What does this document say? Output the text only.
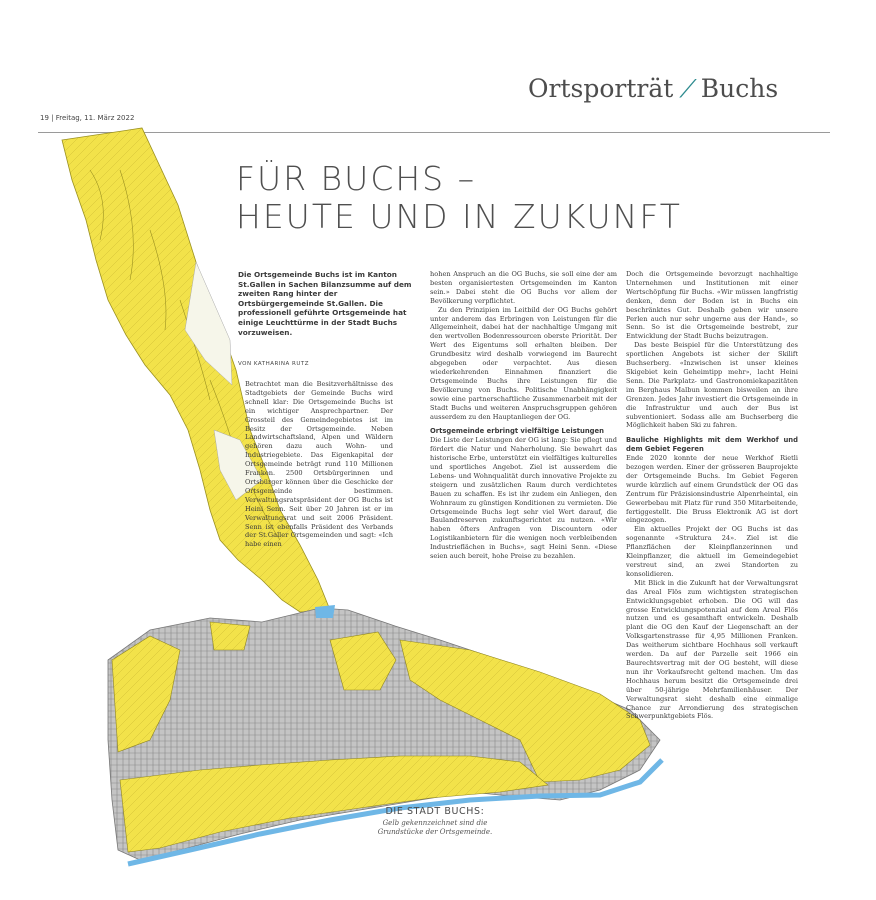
19 | Freitag, 11. März 2022
Ortsporträt ⟋ Buchs
FÜR BUCHS –
HEUTE UND IN ZUKUNFT
Die Ortsgemeinde Buchs ist im Kanton St.Gallen in Sachen Bilanzsumme auf dem zweiten Rang hinter der Ortsbürgergemeinde St.Gallen. Die professionell geführte Ortsgemeinde hat einige Leuchttürme in der Stadt Buchs vorzuweisen.
VON KATHARINA RUTZ

Betrachtet man die Besitzverhältnisse des Stadtgebiets der Gemeinde Buchs wird schnell klar: Die Ortsgemeinde Buchs ist ein wichtiger Ansprechpartner. Der Grossteil des Gemeindegebietes ist im Besitz der Ortsgemeinde. Neben Landwirtschaftsland, Alpen und Wäldern gehören dazu auch Wohn- und Industriegebiete. Das Eigenkapital der Ortsgemeinde beträgt rund 110 Millionen Franken. 2500 Ortsbürgerinnen und Ortsbürger können über die Geschicke der Ortsgemeinde bestimmen. Verwaltungsratspräsident der OG Buchs ist Heini Senn. Seit über 20 Jahren ist er im Verwaltungsrat und seit 2006 Präsident. Senn ist ebenfalls Präsident des Verbands der St.Galler Ortsgemeinden und sagt: «Ich habe einen

hohen Anspruch an die OG Buchs, sie soll eine der am besten organisiertesten Ortsgemeinden im Kanton sein.» Dabei steht die OG Buchs vor allem der Bevölkerung verpflichtet.

Zu den Prinzipien im Leitbild der OG Buchs gehört unter anderem das Erbringen von Leistungen für die Allgemeinheit, dabei hat der nachhaltige Umgang mit den wertvollen Bodenressourcen oberste Priorität. Der Wert des Eigentums soll erhalten bleiben. Der Grundbesitz wird deshalb vorwiegend im Baurecht abgegeben oder verpachtet. Aus diesen wiederkehrenden Einnahmen finanziert die Ortsgemeinde Buchs ihre Leistungen für die Bevölkerung von Buchs. Politische Unabhängigkeit sowie eine partnerschaftliche Zusammenarbeit mit der Stadt Buchs und weiteren Anspruchsgruppen gehören ausserdem zu den Hauptanliegen der OG.

Ortsgemeinde erbringt vielfältige Leistungen

Die Liste der Leistungen der OG ist lang: Sie pflegt und fördert die Natur und Naherholung. Sie bewahrt das historische Erbe, unterstützt ein vielfältiges kulturelles und sportliches Angebot. Ziel ist ausserdem die Lebens- und Wohnqualität durch innovative Projekte zu steigern und zusätzlichen Raum durch verdichtetes Bauen zu schaffen. Es ist ihr zudem ein Anliegen, den Wohnraum zu günstigen Konditionen zu vermieten. Die Ortsgemeinde Buchs legt sehr viel Wert darauf, die Baulandreserven zukunftsgerichtet zu nutzen. «Wir haben öfters Anfragen von Discountern oder Logistikanbietern für die wenigen noch verbleibenden Industrieflächen in Buchs», sagt Heini Senn. «Diese seien auch bereit, hohe Preise zu bezahlen.

Doch die Ortsgemeinde bevorzugt nachhaltige Unternehmen und Institutionen mit einer Wertschöpfung für Buchs. «Wir müssen langfristig denken, denn der Boden ist in Buchs ein beschränktes Gut. Deshalb geben wir unsere Perlen auch nur sehr ungerne aus der Hand», so Senn. So ist die Ortsgemeinde bestrebt, zur Entwicklung der Stadt Buchs beizutragen.

Das beste Beispiel für die Unterstützung des sportlichen Angebots ist sicher der Skilift Buchserberg. «Inzwischen ist unser kleines Skigebiet kein Geheimtipp mehr», lacht Heini Senn. Die Parkplatz- und Gastronomiekapazitäten im Berghaus Malbun kommen bisweilen an ihre Grenzen. Jedes Jahr investiert die Ortsgemeinde in die Infrastruktur und auch der Bus ist subventioniert. Sodass alle am Buchserberg die Möglichkeit haben Ski zu fahren.

Bauliche Highlights mit dem Werkhof und dem Gebiet Fegeren

Ende 2020 konnte der neue Werkhof Rietli bezogen werden. Einer der grösseren Bauprojekte der Ortsgemeinde Buchs. Im Gebiet Fegeren wurde kürzlich auf einem Grundstück der OG das Zentrum für Präzisionsindustrie Alpenrheintal, ein Gewerbebau mit Platz für rund 350 Mitarbeitende, fertiggestellt. Die Bruss Elektronik AG ist dort eingezogen.

Ein aktuelles Projekt der OG Buchs ist das sogenannte «Struktura 24». Ziel ist die Pflanzflächen der Kleinpflanzerinnen und Kleinpflanzer, die aktuell im Gemeindegebiet verstreut sind, an zwei Standorten zu konsolidieren.

Mit Blick in die Zukunft hat der Verwaltungsrat das Areal Flös zum wichtigsten strategischen Entwicklungsgebiet erhoben. Die OG will das grosse Entwicklungspotenzial auf dem Areal Flös nutzen und es gesamthaft entwickeln. Deshalb plant die OG den Kauf der Liegenschaft an der Volksgartenstrasse für 4,95 Millionen Franken. Das weitherum sichtbare Hochhaus soll verkauft werden. Da auf der Parzelle seit 1966 ein Baurechtsvertrag mit der OG besteht, will diese nun ihr Vorkaufsrecht geltend machen. Um das Hochhaus herum besitzt die Ortsgemeinde drei über 50-jährige Mehrfamilienhäuser. Der Verwaltungsrat sieht deshalb eine einmalige Chance zur Arrondierung des strategischen Schwerpunktgebiets Flös.

DIE STADT BUCHS:
Gelb gekennzeichnet sind die Grundstücke der Ortsgemeinde.
